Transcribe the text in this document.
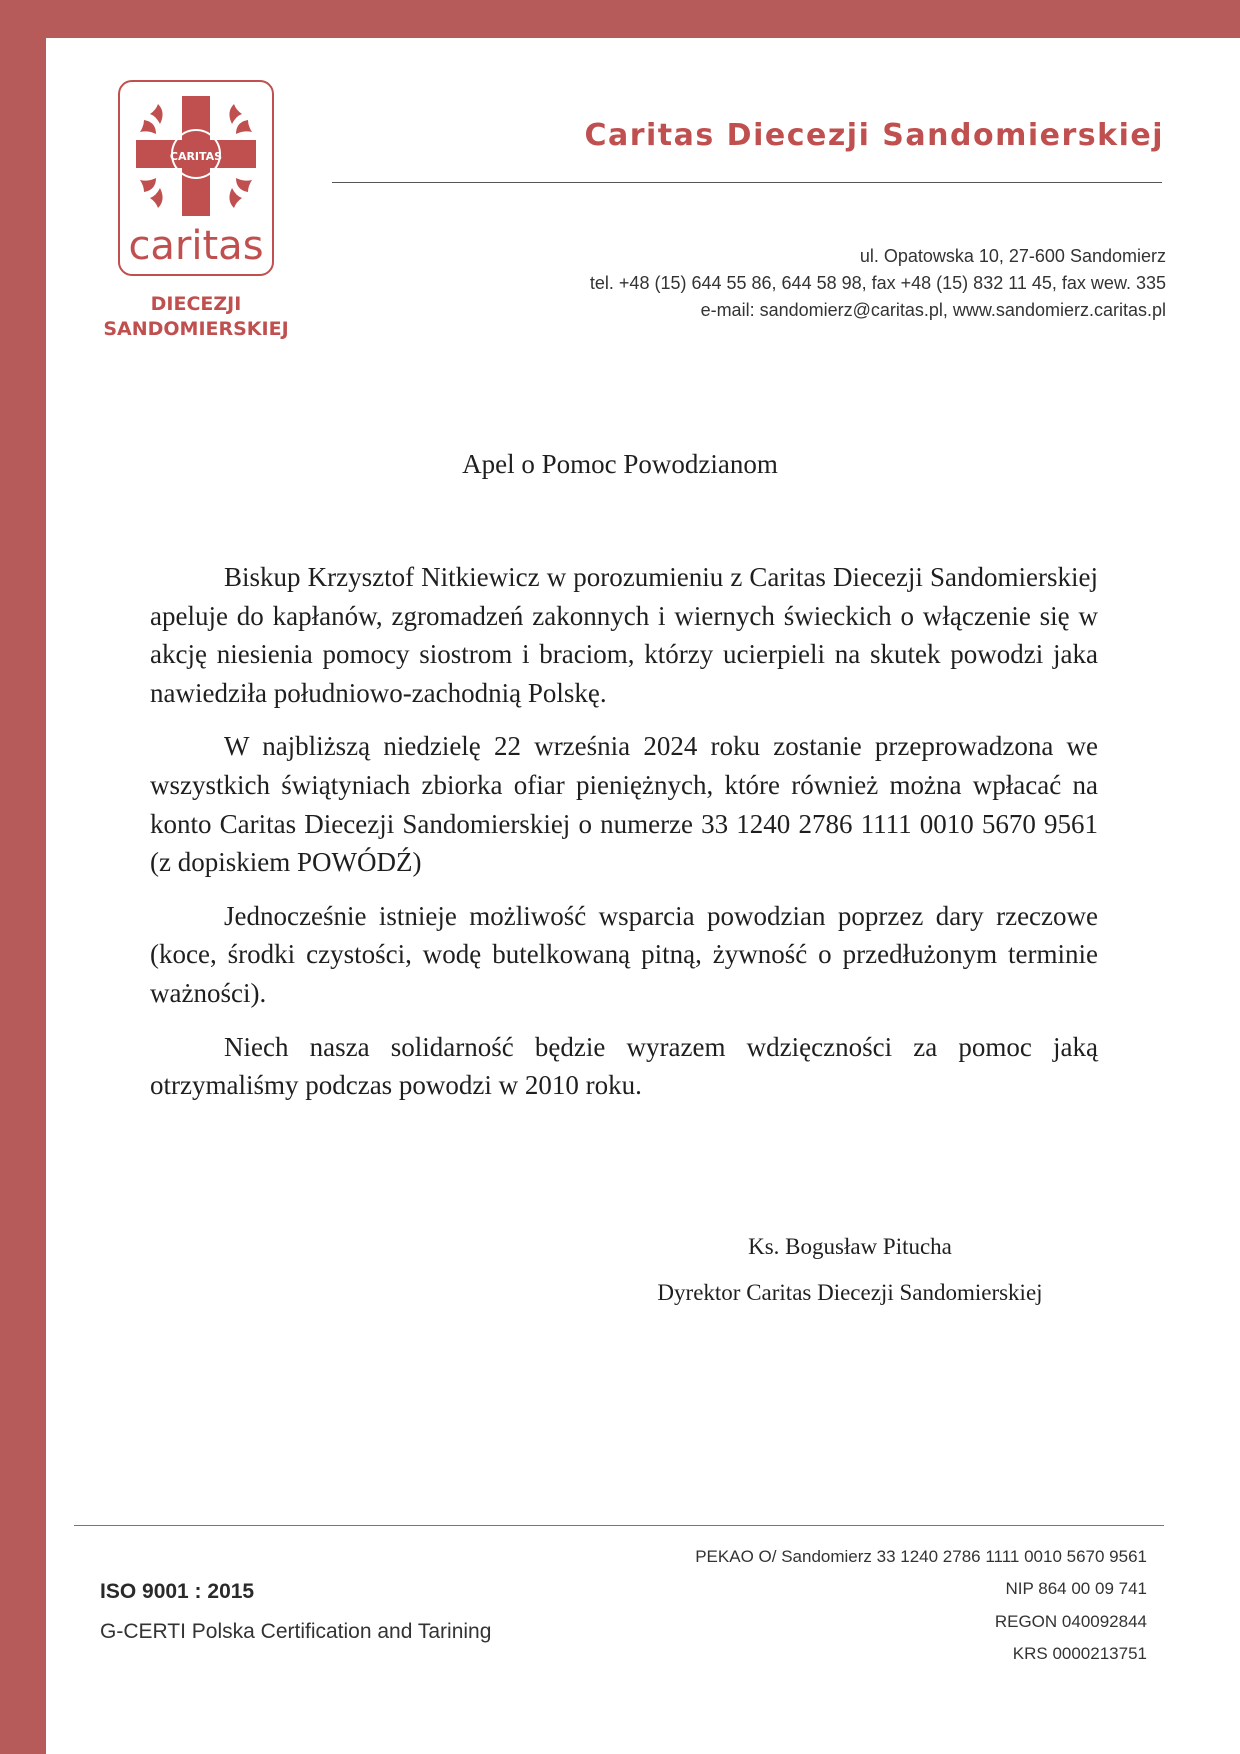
CARITAS
caritas
DIECEZJI
SANDOMIERSKIEJ
Caritas Diecezji Sandomierskiej
ul. Opatowska 10, 27-600 Sandomierz
tel. +48 (15) 644 55 86, 644 58 98, fax +48 (15) 832 11 45, fax wew. 335
e-mail: sandomierz@caritas.pl, www.sandomierz.caritas.pl
Apel o Pomoc Powodzianom

Biskup Krzysztof Nitkiewicz w porozumieniu z Caritas Diecezji Sandomierskiej apeluje do kapłanów, zgromadzeń zakonnych i wiernych świeckich o włączenie się w akcję niesienia pomocy siostrom i braciom, którzy ucierpieli na skutek powodzi jaka nawiedziła południowo-zachodnią Polskę.

W najbliższą niedzielę 22 września 2024 roku zostanie przeprowadzona we wszystkich świątyniach zbiorka ofiar pieniężnych, które również można wpłacać na konto Caritas Diecezji Sandomierskiej o numerze 33 1240 2786 1111 0010 5670 9561 (z dopiskiem POWÓDŹ)

Jednocześnie istnieje możliwość wsparcia powodzian poprzez dary rzeczowe (koce, środki czystości, wodę butelkowaną pitną, żywność o przedłużonym terminie ważności).

Niech nasza solidarność będzie wyrazem wdzięczności za pomoc jaką otrzymaliśmy podczas powodzi w 2010 roku.

Ks. Bogusław Pitucha
Dyrektor Caritas Diecezji Sandomierskiej
ISO 9001 : 2015
G-CERTI Polska Certification and Tarining
PEKAO O/ Sandomierz 33 1240 2786 1111 0010 5670 9561
NIP 864 00 09 741
REGON 040092844
KRS 0000213751
